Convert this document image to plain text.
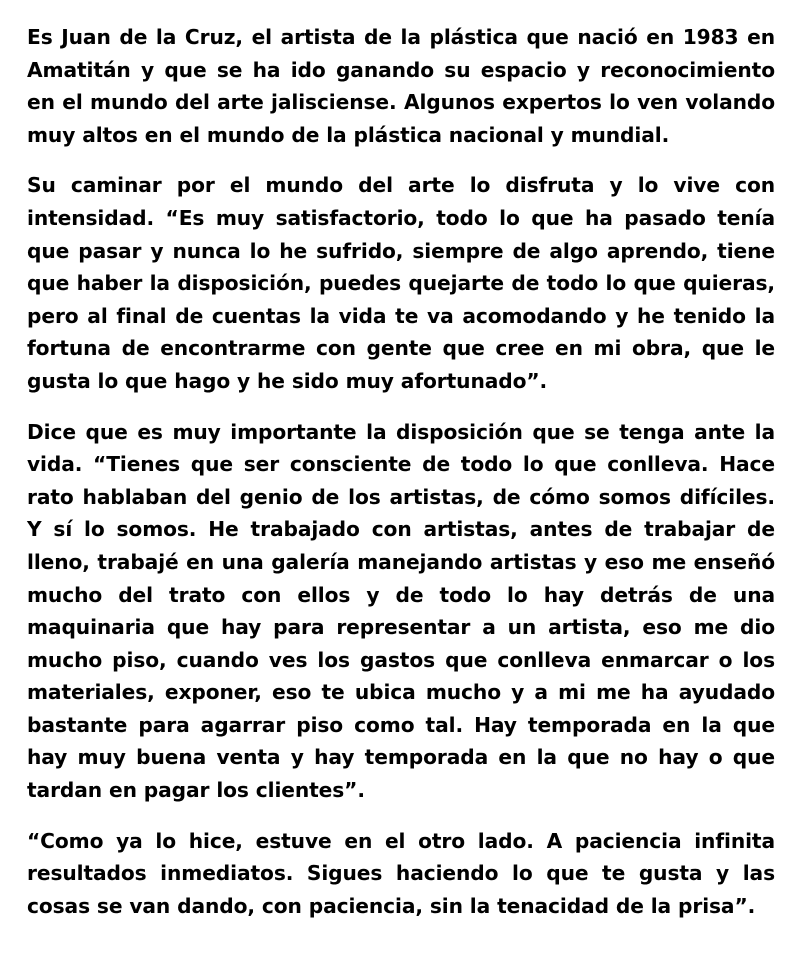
Es Juan de la Cruz, el artista de la plástica que nació en 1983 en Amatitán y que se ha ido ganando su espacio y reconocimiento en el mundo del arte jalisciense. Algunos expertos lo ven volando muy altos en el mundo de la plástica nacional y mundial.

Su caminar por el mundo del arte lo disfruta y lo vive con intensidad. “Es muy satisfactorio, todo lo que ha pasado tenía que pasar y nunca lo he sufrido, siempre de algo aprendo, tiene que haber la disposición, puedes quejarte de todo lo que quieras, pero al final de cuentas la vida te va acomodando y he tenido la fortuna de encontrarme con gente que cree en mi obra, que le gusta lo que hago y he sido muy afortunado”.

Dice que es muy importante la disposición que se tenga ante la vida. “Tienes que ser consciente de todo lo que conlleva. Hace rato hablaban del genio de los artistas, de cómo somos difíciles. Y sí lo somos. He trabajado con artistas, antes de trabajar de lleno, trabajé en una galería manejando artistas y eso me enseñó mucho del trato con ellos y de todo lo hay detrás de una maquinaria que hay para representar a un artista, eso me dio mucho piso, cuando ves los gastos que conlleva enmarcar o los materiales, exponer, eso te ubica mucho y a mi me ha ayudado bastante para agarrar piso como tal. Hay temporada en la que hay muy buena venta y hay temporada en la que no hay o que tardan en pagar los clientes”.

“Como ya lo hice, estuve en el otro lado. A paciencia infinita resultados inmediatos. Sigues haciendo lo que te gusta y las cosas se van dando, con paciencia, sin la tenacidad de la prisa”.
